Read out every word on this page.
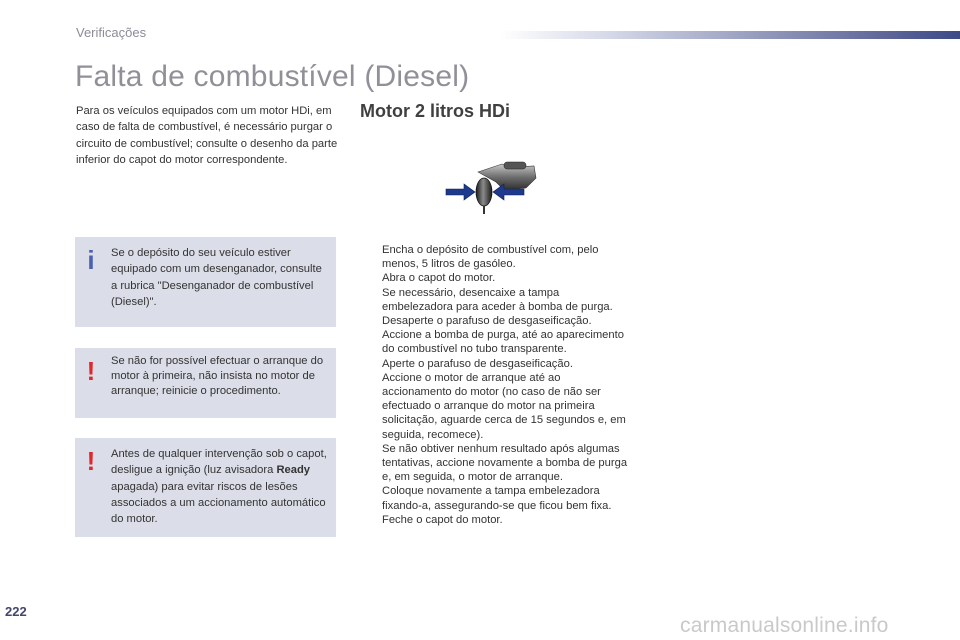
Verificações
Falta de combustível (Diesel)
Para os veículos equipados com um motor HDi, em caso de falta de combustível, é necessário purgar o circuito de combustível; consulte o desenho da parte inferior do capot do motor correspondente.
Motor 2 litros HDi
i	Se o depósito do seu veículo estiver equipado com um desenganador, consulte a rubrica "Desenganador de combustível (Diesel)".
! Se não for possível efectuar o arranque do motor à primeira, não insista no motor de arranque; reinicie o procedimento.
! Antes de qualquer intervenção sob o capot, desligue a ignição (luz avisadora Ready apagada) para evitar riscos de lesões associados a um accionamento automático do motor.
Encha o depósito de combustível com, pelo menos, 5 litros de gasóleo.
Abra o capot do motor.
Se necessário, desencaixe a tampa embelezadora para aceder à bomba de purga.
Desaperte o parafuso de desgaseificação.
Accione a bomba de purga, até ao aparecimento do combustível no tubo transparente.
Aperte o parafuso de desgaseificação.
Accione o motor de arranque até ao accionamento do motor (no caso de não ser efectuado o arranque do motor na primeira solicitação, aguarde cerca de 15 segundos e, em seguida, recomece).
Se não obtiver nenhum resultado após algumas tentativas, accione novamente a bomba de purga e, em seguida, o motor de arranque.
Coloque novamente a tampa embelezadora fixando-a, assegurando-se que ficou bem fixa.
Feche o capot do motor.
222
carmanualsonline.info
